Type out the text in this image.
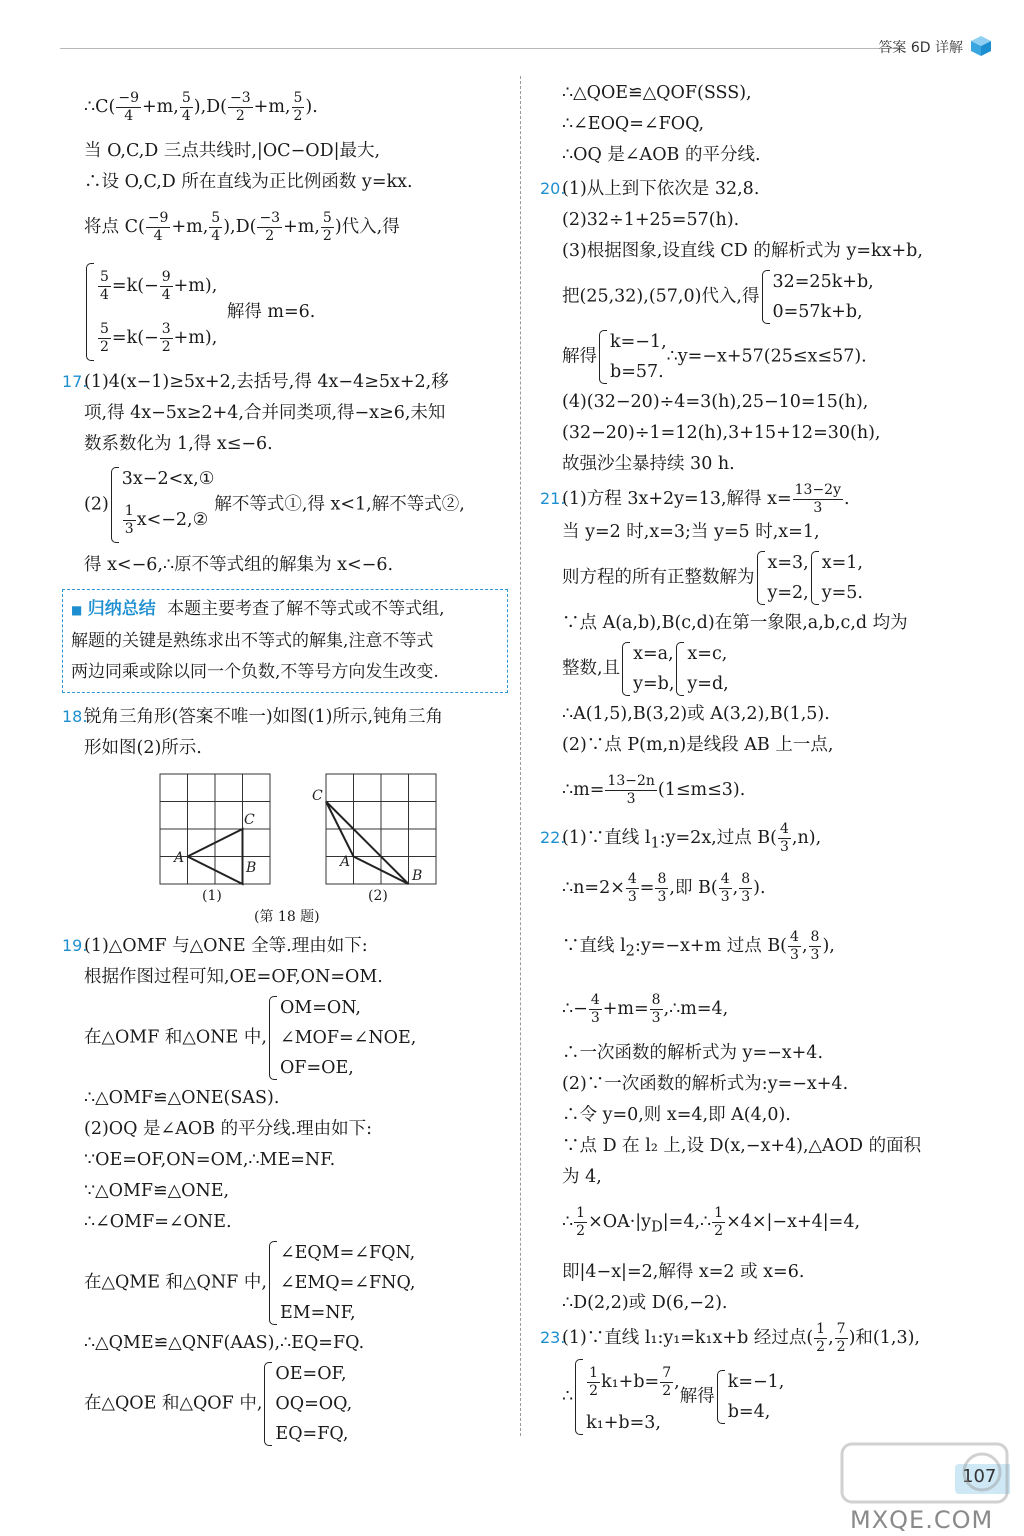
答案 6D 详解
∴C( $\frac{-9}{4} +m$, $\frac{5}{4} ),D( \frac{-3}{2} +m$, $\frac{5}{2}$ ).
当 O,C,D 三点共线时,|OC−OD|最大,
∴设 O,C,D 所在直线为正比例函数 y=kx.
将点 $C( \frac{-9}{4} +m$, $\frac{5}{4} ),D( \frac{-3}{2} +m$, $\frac{5}{2}$ )代入,得
$\frac{5}{4} =k(- \frac{9}{4} +m)$,
$\frac{5}{2} =k(- \frac{3}{2} +m)$,
解得 m=6.
17.(1)4(x−1)≥5x+2,去括号,得 4x−4≥5x+2,移
项,得 4x−5x≥2+4,合并同类项,得−x≥6,未知
数系数化为 1,得 x≤−6.
(2)
3x−2<x,①
$\frac{1}{3}$ x<−2,②
解不等式①,得 x<1,解不等式②,
得 x<−6,∴原不等式组的解集为 x<−6.
■ 归纳总结 本题主要考查了解不等式或不等式组,
解题的关键是熟练求出不等式的解集,注意不等式
两边同乘或除以同一个负数,不等号方向发生改变.
18.锐角三角形(答案不唯一)如图(1)所示,钝角三角
形如图(2)所示.
A
B
C
A
B
C
(1)	(2)
(第 18 题)
19.(1)△OMF 与△ONE 全等.理由如下:
根据作图过程可知,OE=OF,ON=OM.
在△OMF 和△ONE 中,
OM=ON,
∠MOF=∠NOE,
OF=OE,
∴△OMF≌△ONE(SAS).
(2)OQ 是∠AOB 的平分线.理由如下:
∵OE=OF,ON=OM,∴ME=NF.
∵△OMF≌△ONE,
∴∠OMF=∠ONE.
在△QME 和△QNF 中,
∠EQM=∠FQN,
∠EMQ=∠FNQ,
EM=NF,
∴△QME≌△QNF(AAS),∴EQ=FQ.
在△QOE 和△QOF 中,
OE=OF,
OQ=OQ,
EQ=FQ,
∴△QOE≌△QOF(SSS),
∴∠EOQ=∠FOQ,
∴OQ 是∠AOB 的平分线.
20.(1)从上到下依次是 32,8.
(2)32÷1+25=57(h).
(3)根据图象,设直线 CD 的解析式为 y=kx+b,
把(25,32),(57,0)代入,得
32=25k+b,
0=57k+b,
解得
k=−1,
b=57.
∴y=−x+57(25≤x≤57).
(4)(32−20)÷4=3(h),25−10=15(h),
(32−20)÷1=12(h),3+15+12=30(h),
故强沙尘暴持续 30 h.
21.(1)方程 3x+2y=13,解得 $x= \frac{13-2y}{3}$ .
当 y=2 时,x=3;当 y=5 时,x=1,
则方程的所有正整数解为
x=3,
y=2,
x=1,
y=5.
∵点 A(a,b),B(c,d)在第一象限,a,b,c,d 均为
整数,且
x=a,
y=b,
x=c,
y=d,
∴A(1,5),B(3,2)或 A(3,2),B(1,5).
(2)∵点 P(m,n)是线段 AB 上一点,
∴m= $\frac{13-2n}{3} (1\le m\le 3)$.
22.(1)∵直线 $l_1:y=2x$,过点 $B( \frac{4}{3} ,n)$,
∴n=2× $\frac{4}{3} = \frac{8}{3}$ ,即 $B( \frac{4}{3}$ , $\frac{8}{3}$ ).
∵直线 $l_2:y=-x+m$ 过点 $B( \frac{4}{3}$ , $\frac{8}{3}$ ),
∴− $\frac{4}{3} +m= \frac{8}{3}$ ,∴m=4,
∴一次函数的解析式为 y=−x+4.
(2)∵一次函数的解析式为:y=−x+4.
∴令 y=0,则 x=4,即 A(4,0).
∵点 D 在 l₂ 上,设 D(x,−x+4),△AOD 的面积
为 4,
∴ $\frac{1}{2}$ $\times OA\cdot|y_D|=4,\therefore \frac{1}{2} \times 4\times|-x+4|=4$,
即|4−x|=2,解得 x=2 或 x=6.
∴D(2,2)或 D(6,−2).
23.(1)∵直线 l₁:y₁=k₁x+b 经过点( $\frac{1}{2}$ , $\frac{7}{2}$ )和(1,3),
∴ $\frac{1}{2} k_1+b= \frac{7}{2}$ ,
k₁+b=3,
解得
k=−1,
b=4,
107
MXQE.COM
